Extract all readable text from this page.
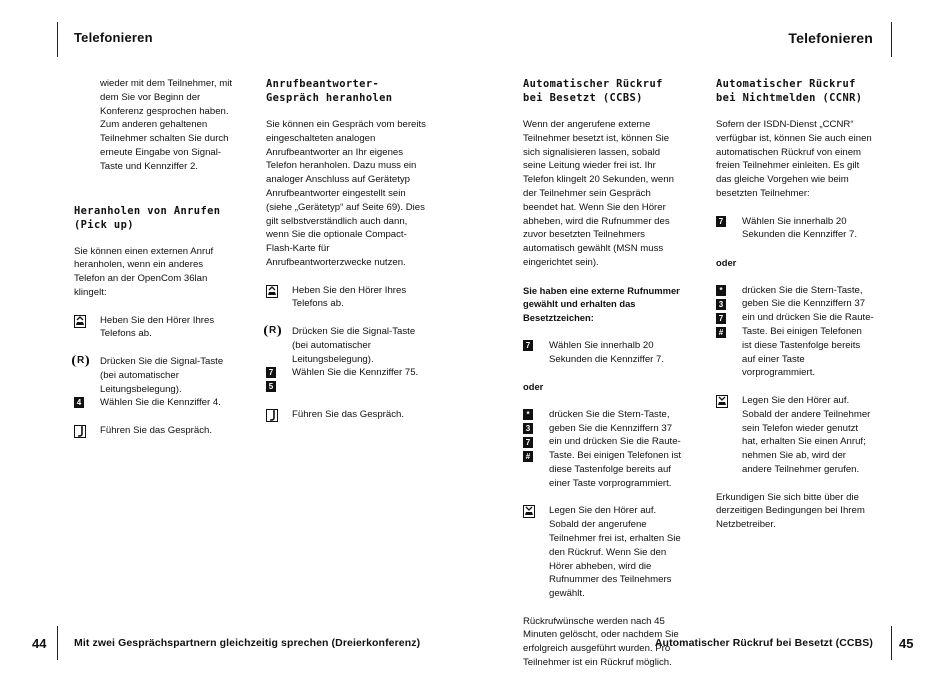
Telefonieren	Telefonieren
44	Mit zwei Gesprächspartnern gleichzeitig sprechen (Dreierkonferenz)	Automatischer Rückruf bei Besetzt (CCBS) 45

wieder mit dem Teilnehmer, mit dem Sie vor Beginn der Konferenz gesprochen haben. Zum anderen gehaltenen Teilnehmer schalten Sie durch erneute Eingabe von Signal-Taste und Kennziffer 2.

Heranholen von Anrufen (Pick up)

Sie können einen externen Anruf heranholen, wenn ein anderes Telefon an der OpenCom 36lan klingelt:

Heben Sie den Hörer Ihres Telefons ab.
R	Drücken Sie die Signal-Taste (bei automatischer Leitungsbelegung).
4 Wählen Sie die Kennziffer 4.
Führen Sie das Gespräch.
Anrufbeantworter-Gespräch heranholen

Sie können ein Gespräch vom bereits eingeschalteten analogen Anrufbeantworter an Ihr eigenes Telefon heranholen. Dazu muss ein analoger Anschluss auf Gerätetyp Anrufbeantworter eingestellt sein (siehe „Gerätetyp“ auf Seite 69). Dies gilt selbstverständlich auch dann, wenn Sie die optionale Compact-Flash-Karte für Anrufbeantworterzwecke nutzen.

Heben Sie den Hörer Ihres Telefons ab.
R	Drücken Sie die Signal-Taste (bei automatischer Leitungsbelegung).
7
5
Wählen Sie die Kennziffer 75.
Führen Sie das Gespräch.
Automatischer Rückruf bei Besetzt (CCBS)

Wenn der angerufene externe Teilnehmer besetzt ist, können Sie sich signalisieren lassen, sobald seine Leitung wieder frei ist. Ihr Telefon klingelt 20 Sekunden, wenn der Teilnehmer sein Gespräch beendet hat. Wenn Sie den Hörer abheben, wird die Rufnummer des zuvor besetzten Teilnehmers automatisch gewählt (MSN muss eingerichtet sein).

Sie haben eine externe Rufnummer gewählt und erhalten das Besetztzeichen:

7 Wählen Sie innerhalb 20 Sekunden die Kennziffer 7.
oder
*
3
7
#
drücken Sie die Stern-Taste, geben Sie die Kennziffern 37 ein und drücken Sie die Raute-Taste. Bei einigen Telefonen ist diese Tastenfolge bereits auf einer Taste vorprogrammiert.
Legen Sie den Hörer auf. Sobald der angerufene Teilnehmer frei ist, erhalten Sie den Rückruf. Wenn Sie den Hörer abheben, wird die Rufnummer des Teilnehmers gewählt.

Rückrufwünsche werden nach 45 Minuten gelöscht, oder nachdem Sie erfolgreich ausgeführt wurden. Pro Teilnehmer ist ein Rückruf möglich.

Automatischer Rückruf bei Nichtmelden (CCNR)

Sofern der ISDN-Dienst „CCNR“ verfügbar ist, können Sie auch einen automatischen Rückruf von einem freien Teilnehmer einleiten. Es gilt das gleiche Vorgehen wie beim besetzten Teilnehmer:

7 Wählen Sie innerhalb 20 Sekunden die Kennziffer 7.
oder
*
3
7
#
drücken Sie die Stern-Taste, geben Sie die Kennziffern 37 ein und drücken Sie die Raute-Taste. Bei einigen Telefonen ist diese Tastenfolge bereits auf einer Taste vorprogrammiert.
Legen Sie den Hörer auf. Sobald der andere Teilnehmer sein Telefon wieder genutzt hat, erhalten Sie einen Anruf; nehmen Sie ab, wird der andere Teilnehmer gerufen.

Erkundigen Sie sich bitte über die derzeitigen Bedingungen bei Ihrem Netzbetreiber.
